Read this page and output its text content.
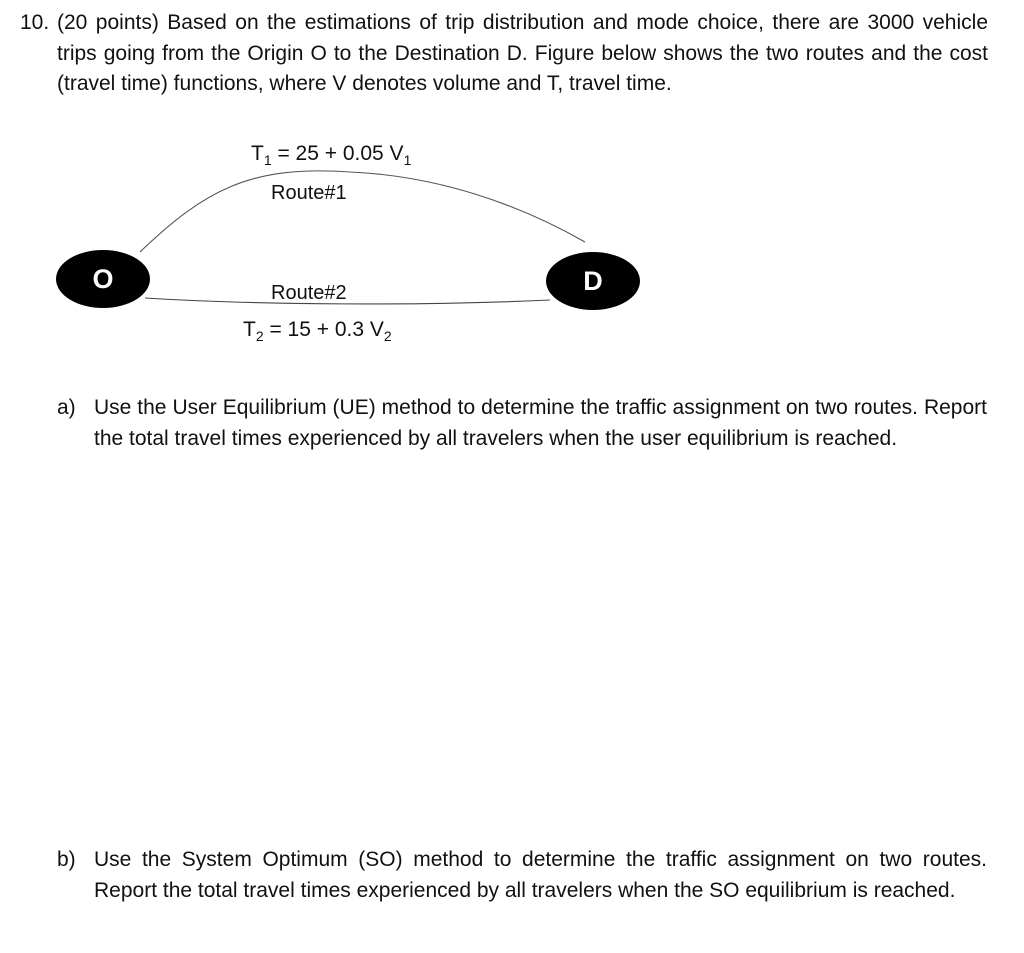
10. (20 points) Based on the estimations of trip distribution and mode choice, there are 3000 vehicle trips going from the Origin O to the Destination D. Figure below shows the two routes and the cost (travel time) functions, where V denotes volume and T, travel time.
O	D
$T_1 = 25 + 0.05$ $V_1$
Route#1
Route#2
$T_2 = 15 + 0.3$ $V_2$
a) Use the User Equilibrium (UE) method to determine the traffic assignment on two routes. Report the total travel times experienced by all travelers when the user equilibrium is reached.
b) Use the System Optimum (SO) method to determine the traffic assignment on two routes. Report the total travel times experienced by all travelers when the SO equilibrium is reached.
